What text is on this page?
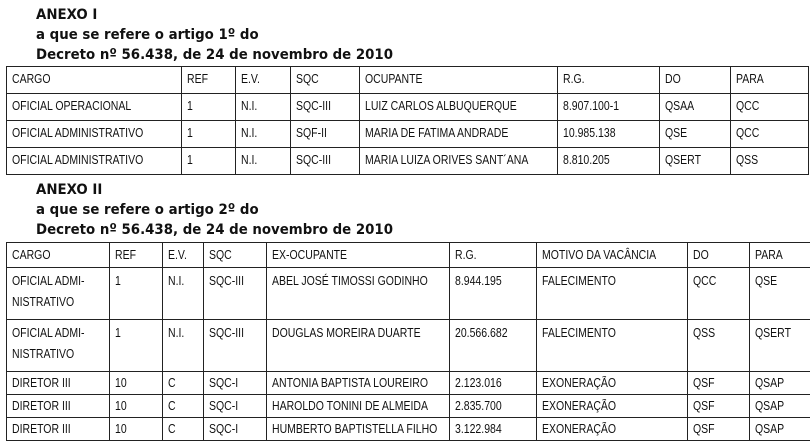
ANEXO I
a que se refere o artigo 1º do
Decreto nº 56.438, de 24 de novembro de 2010
CARGO	REF	E.V.	SQC	OCUPANTE	R.G.	DO	PARA
OFICIAL OPERACIONAL	1	N.I.	SQC-III	LUIZ CARLOS ALBUQUERQUE	8.907.100-1	QSAA	QCC
OFICIAL ADMINISTRATIVO	1	N.I.	SQF-II	MARIA DE FATIMA ANDRADE	10.985.138	QSE	QCC
OFICIAL ADMINISTRATIVO	1	N.I.	SQC-III	MARIA LUIZA ORIVES SANT´ANA	8.810.205	QSERT	QSS
ANEXO II
a que se refere o artigo 2º do
Decreto nº 56.438, de 24 de novembro de 2010
CARGO	REF	E.V.	SQC	EX-OCUPANTE	R.G.	MOTIVO DA VACÂNCIA	DO	PARA
OFICIAL ADMI-
NISTRATIVO	1	N.I.	SQC-III	ABEL JOSÉ TIMOSSI GODINHO	8.944.195	FALECIMENTO	QCC	QSE
OFICIAL ADMI-
NISTRATIVO	1	N.I.	SQC-III	DOUGLAS MOREIRA DUARTE	20.566.682	FALECIMENTO	QSS	QSERT
DIRETOR III	10	C	SQC-I	ANTONIA BAPTISTA LOUREIRO	2.123.016	EXONERAÇÃO	QSF	QSAP
DIRETOR III	10	C	SQC-I	HAROLDO TONINI DE ALMEIDA	2.835.700	EXONERAÇÃO	QSF	QSAP
DIRETOR III	10	C	SQC-I	HUMBERTO BAPTISTELLA FILHO	3.122.984	EXONERAÇÃO	QSF	QSAP
